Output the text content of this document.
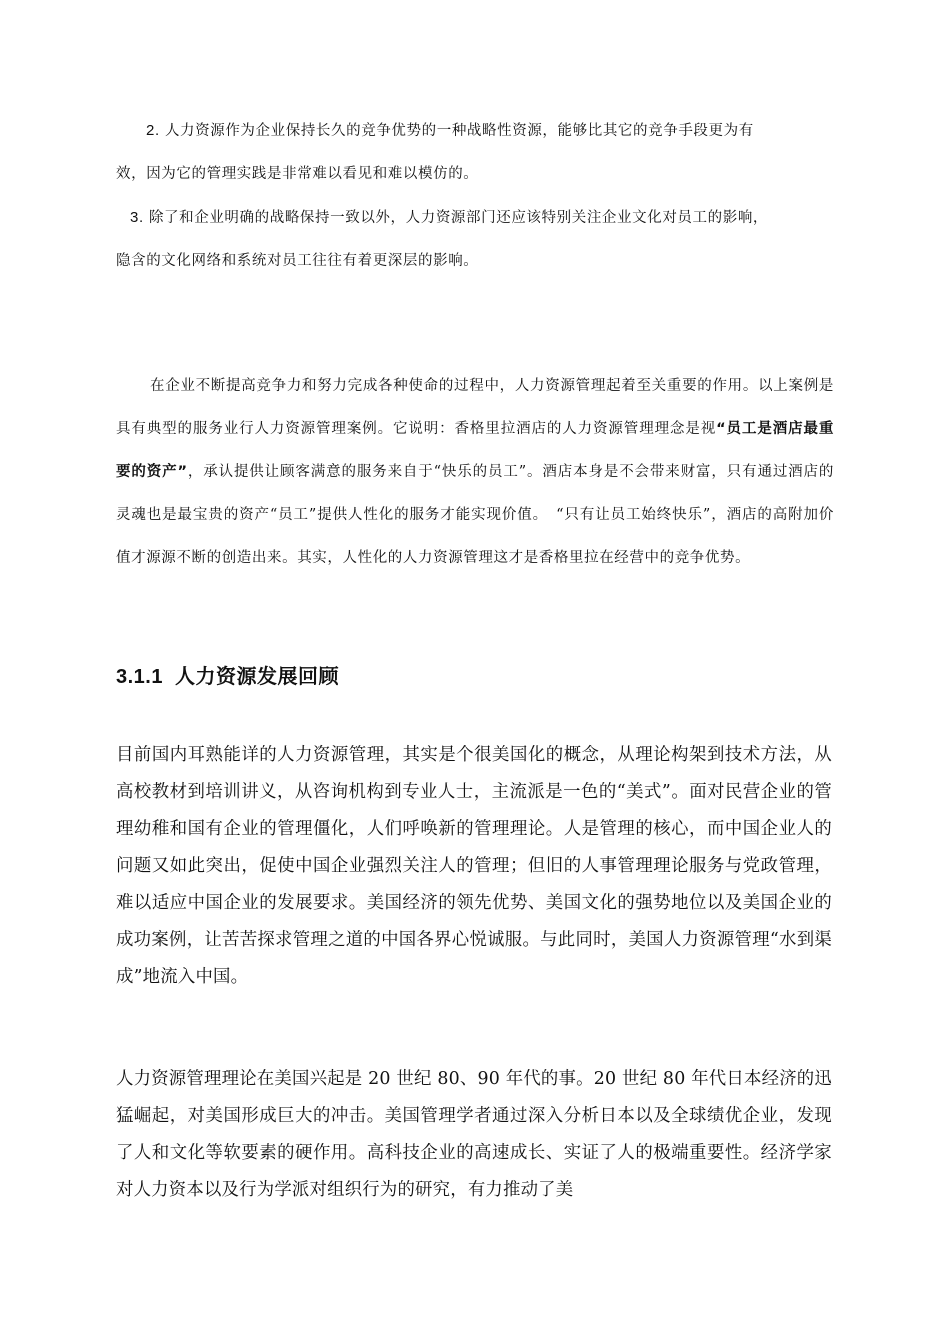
2. 人力资源作为企业保持长久的竞争优势的一种战略性资源，能够比其它的竞争手段更为有
效，因为它的管理实践是非常难以看见和难以模仿的。
3. 除了和企业明确的战略保持一致以外，人力资源部门还应该特别关注企业文化对员工的影响，
隐含的文化网络和系统对员工往往有着更深层的影响。
在企业不断提高竞争力和努力完成各种使命的过程中，人力资源管理起着至关重要的作用。以上案例是具有典型的服务业行人力资源管理案例。它说明：香格里拉酒店的人力资源管理理念是视“员工是酒店最重要的资产”，承认提供让顾客满意的服务来自于“快乐的员工”。酒店本身是不会带来财富，只有通过酒店的灵魂也是最宝贵的资产“员工”提供人性化的服务才能实现价值。　“只有让员工始终快乐”，酒店的高附加价值才源源不断的创造出来。其实，人性化的人力资源管理这才是香格里拉在经营中的竞争优势。
3.1.1 人力资源发展回顾
目前国内耳熟能详的人力资源管理，其实是个很美国化的概念，从理论构架到技术方法，从高校教材到培训讲义，从咨询机构到专业人士，主流派是一色的“美式”。面对民营企业的管理幼稚和国有企业的管理僵化，人们呼唤新的管理理论。人是管理的核心，而中国企业人的问题又如此突出，促使中国企业强烈关注人的管理；但旧的人事管理理论服务与党政管理，难以适应中国企业的发展要求。美国经济的领先优势、美国文化的强势地位以及美国企业的成功案例，让苦苦探求管理之道的中国各界心悦诚服。与此同时，美国人力资源管理“水到渠成”地流入中国。
人力资源管理理论在美国兴起是 20 世纪 80、90 年代的事。20 世纪 80 年代日本经济的迅猛崛起，对美国形成巨大的冲击。美国管理学者通过深入分析日本以及全球绩优企业，发现了人和文化等软要素的硬作用。高科技企业的高速成长、实证了人的极端重要性。经济学家对人力资本以及行为学派对组织行为的研究，有力推动了美
